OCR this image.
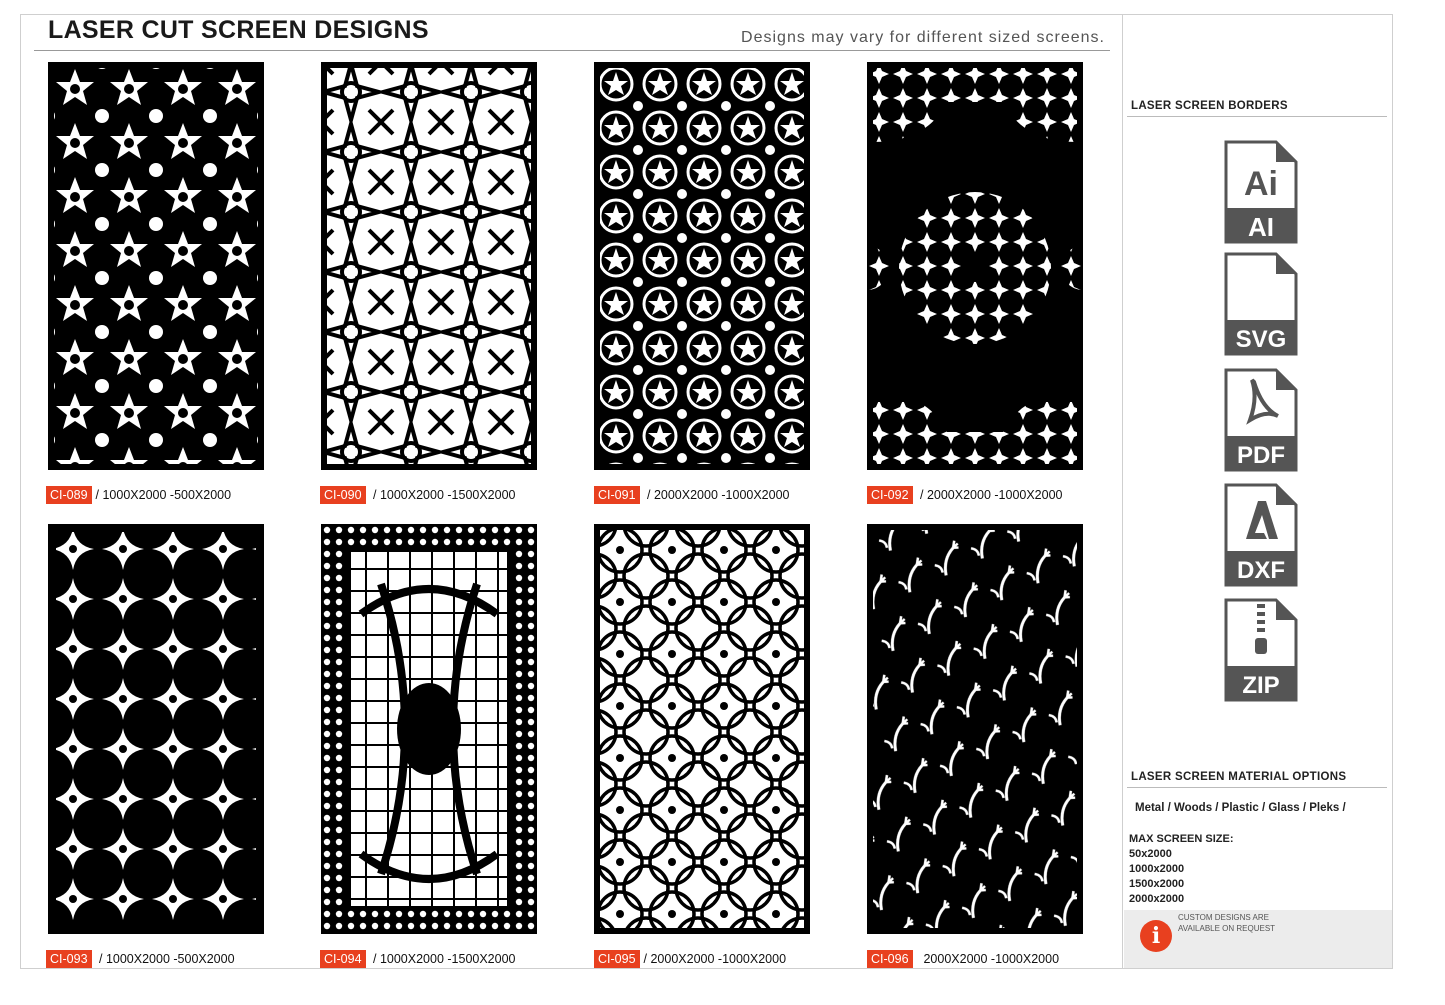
LASER CUT SCREEN DESIGNS	Designs may vary for different sized screens.
CI-089 / 1000X2000 -500X2000	CI-090 / 1000X2000 -1500X2000	CI-091 / 2000X2000 -1000X2000	CI-092 / 2000X2000 -1000X2000
CI-093 / 1000X2000 -500X2000	CI-094 / 1000X2000 -1500X2000	CI-095 / 2000X2000 -1000X2000	CI-096
	2000X2000 -1000X2000
LASER SCREEN BORDERS
Ai
AI
SVG
PDF
DXF
ZIP
LASER SCREEN MATERIAL OPTIONS
Metal / Woods / Plastic / Glass / Pleks /
MAX SCREEN SIZE:
50x2000
1000x2000
1500x2000
2000x2000
i
CUSTOM DESIGNS ARE AVAILABLE ON REQUEST
